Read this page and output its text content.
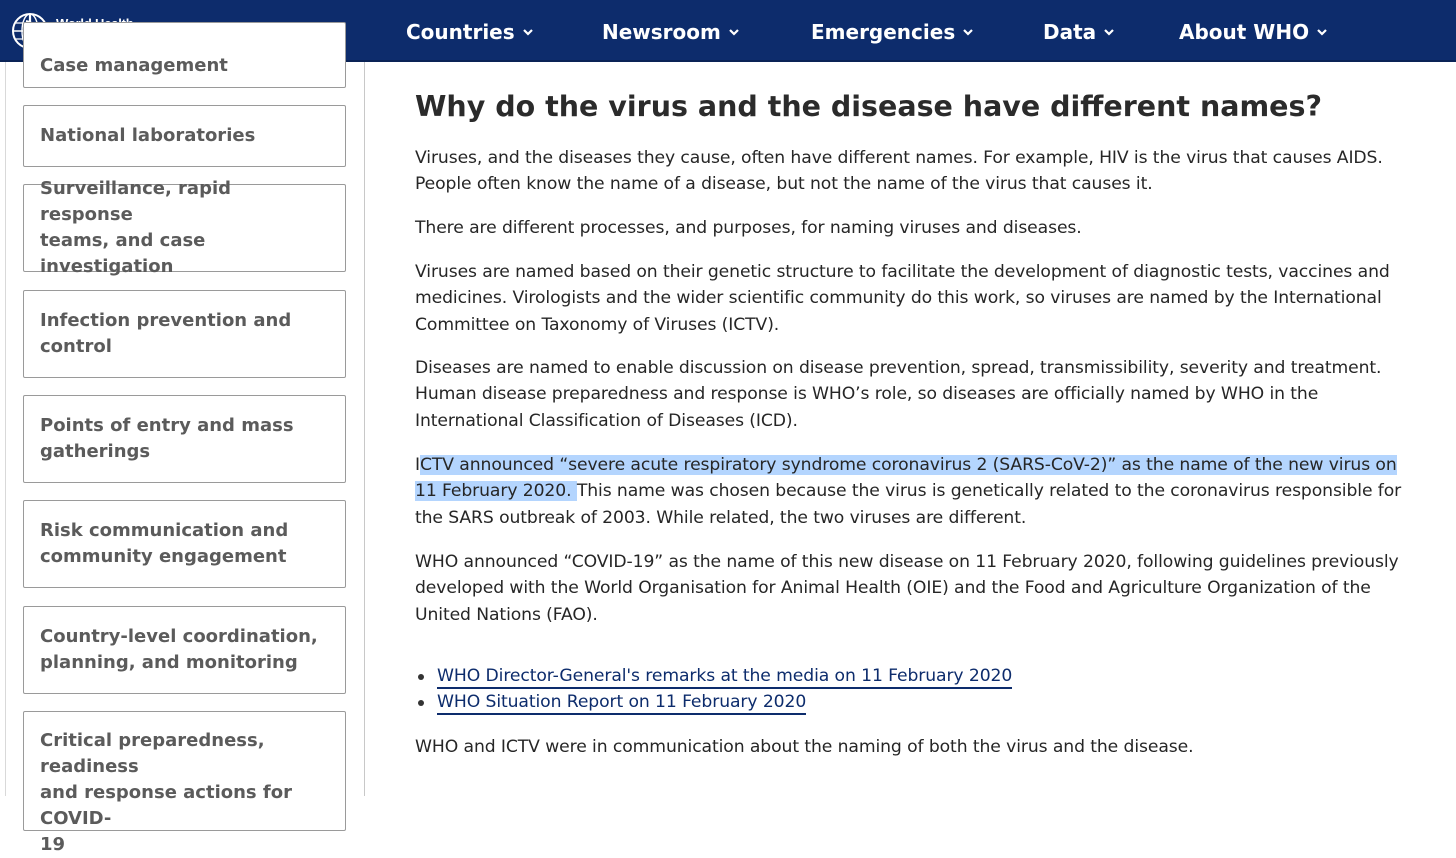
Countries	Newsroom	Emergencies	Data	About WHO
Case management
National laboratories
Surveillance, rapid response
teams, and case investigation
Infection prevention and
control
Points of entry and mass
gatherings
Risk communication and
community engagement
Country-level coordination,
planning, and monitoring
Critical preparedness, readiness
and response actions for COVID-
19
Why do the virus and the disease have different names?

Viruses, and the diseases they cause, often have different names. For example, HIV is the virus that causes AIDS. People often know the name of a disease, but not the name of the virus that causes it.

There are different processes, and purposes, for naming viruses and diseases.

Viruses are named based on their genetic structure to facilitate the development of diagnostic tests, vaccines and medicines. Virologists and the wider scientific community do this work, so viruses are named by the International Committee on Taxonomy of Viruses (ICTV).

Diseases are named to enable discussion on disease prevention, spread, transmissibility, severity and treatment. Human disease preparedness and response is WHO’s role, so diseases are officially named by WHO in the International Classification of Diseases (ICD).

ICTV announced “severe acute respiratory syndrome coronavirus 2 (SARS-CoV-2)” as the name of the new virus on 11 February 2020. This name was chosen because the virus is genetically related to the coronavirus responsible for the SARS outbreak of 2003. While related, the two viruses are different.

WHO announced “COVID-19” as the name of this new disease on 11 February 2020, following guidelines previously developed with the World Organisation for Animal Health (OIE) and the Food and Agriculture Organization of the United Nations (FAO).

WHO Director-General's remarks at the media on 11 February 2020
WHO Situation Report on 11 February 2020

WHO and ICTV were in communication about the naming of both the virus and the disease.
